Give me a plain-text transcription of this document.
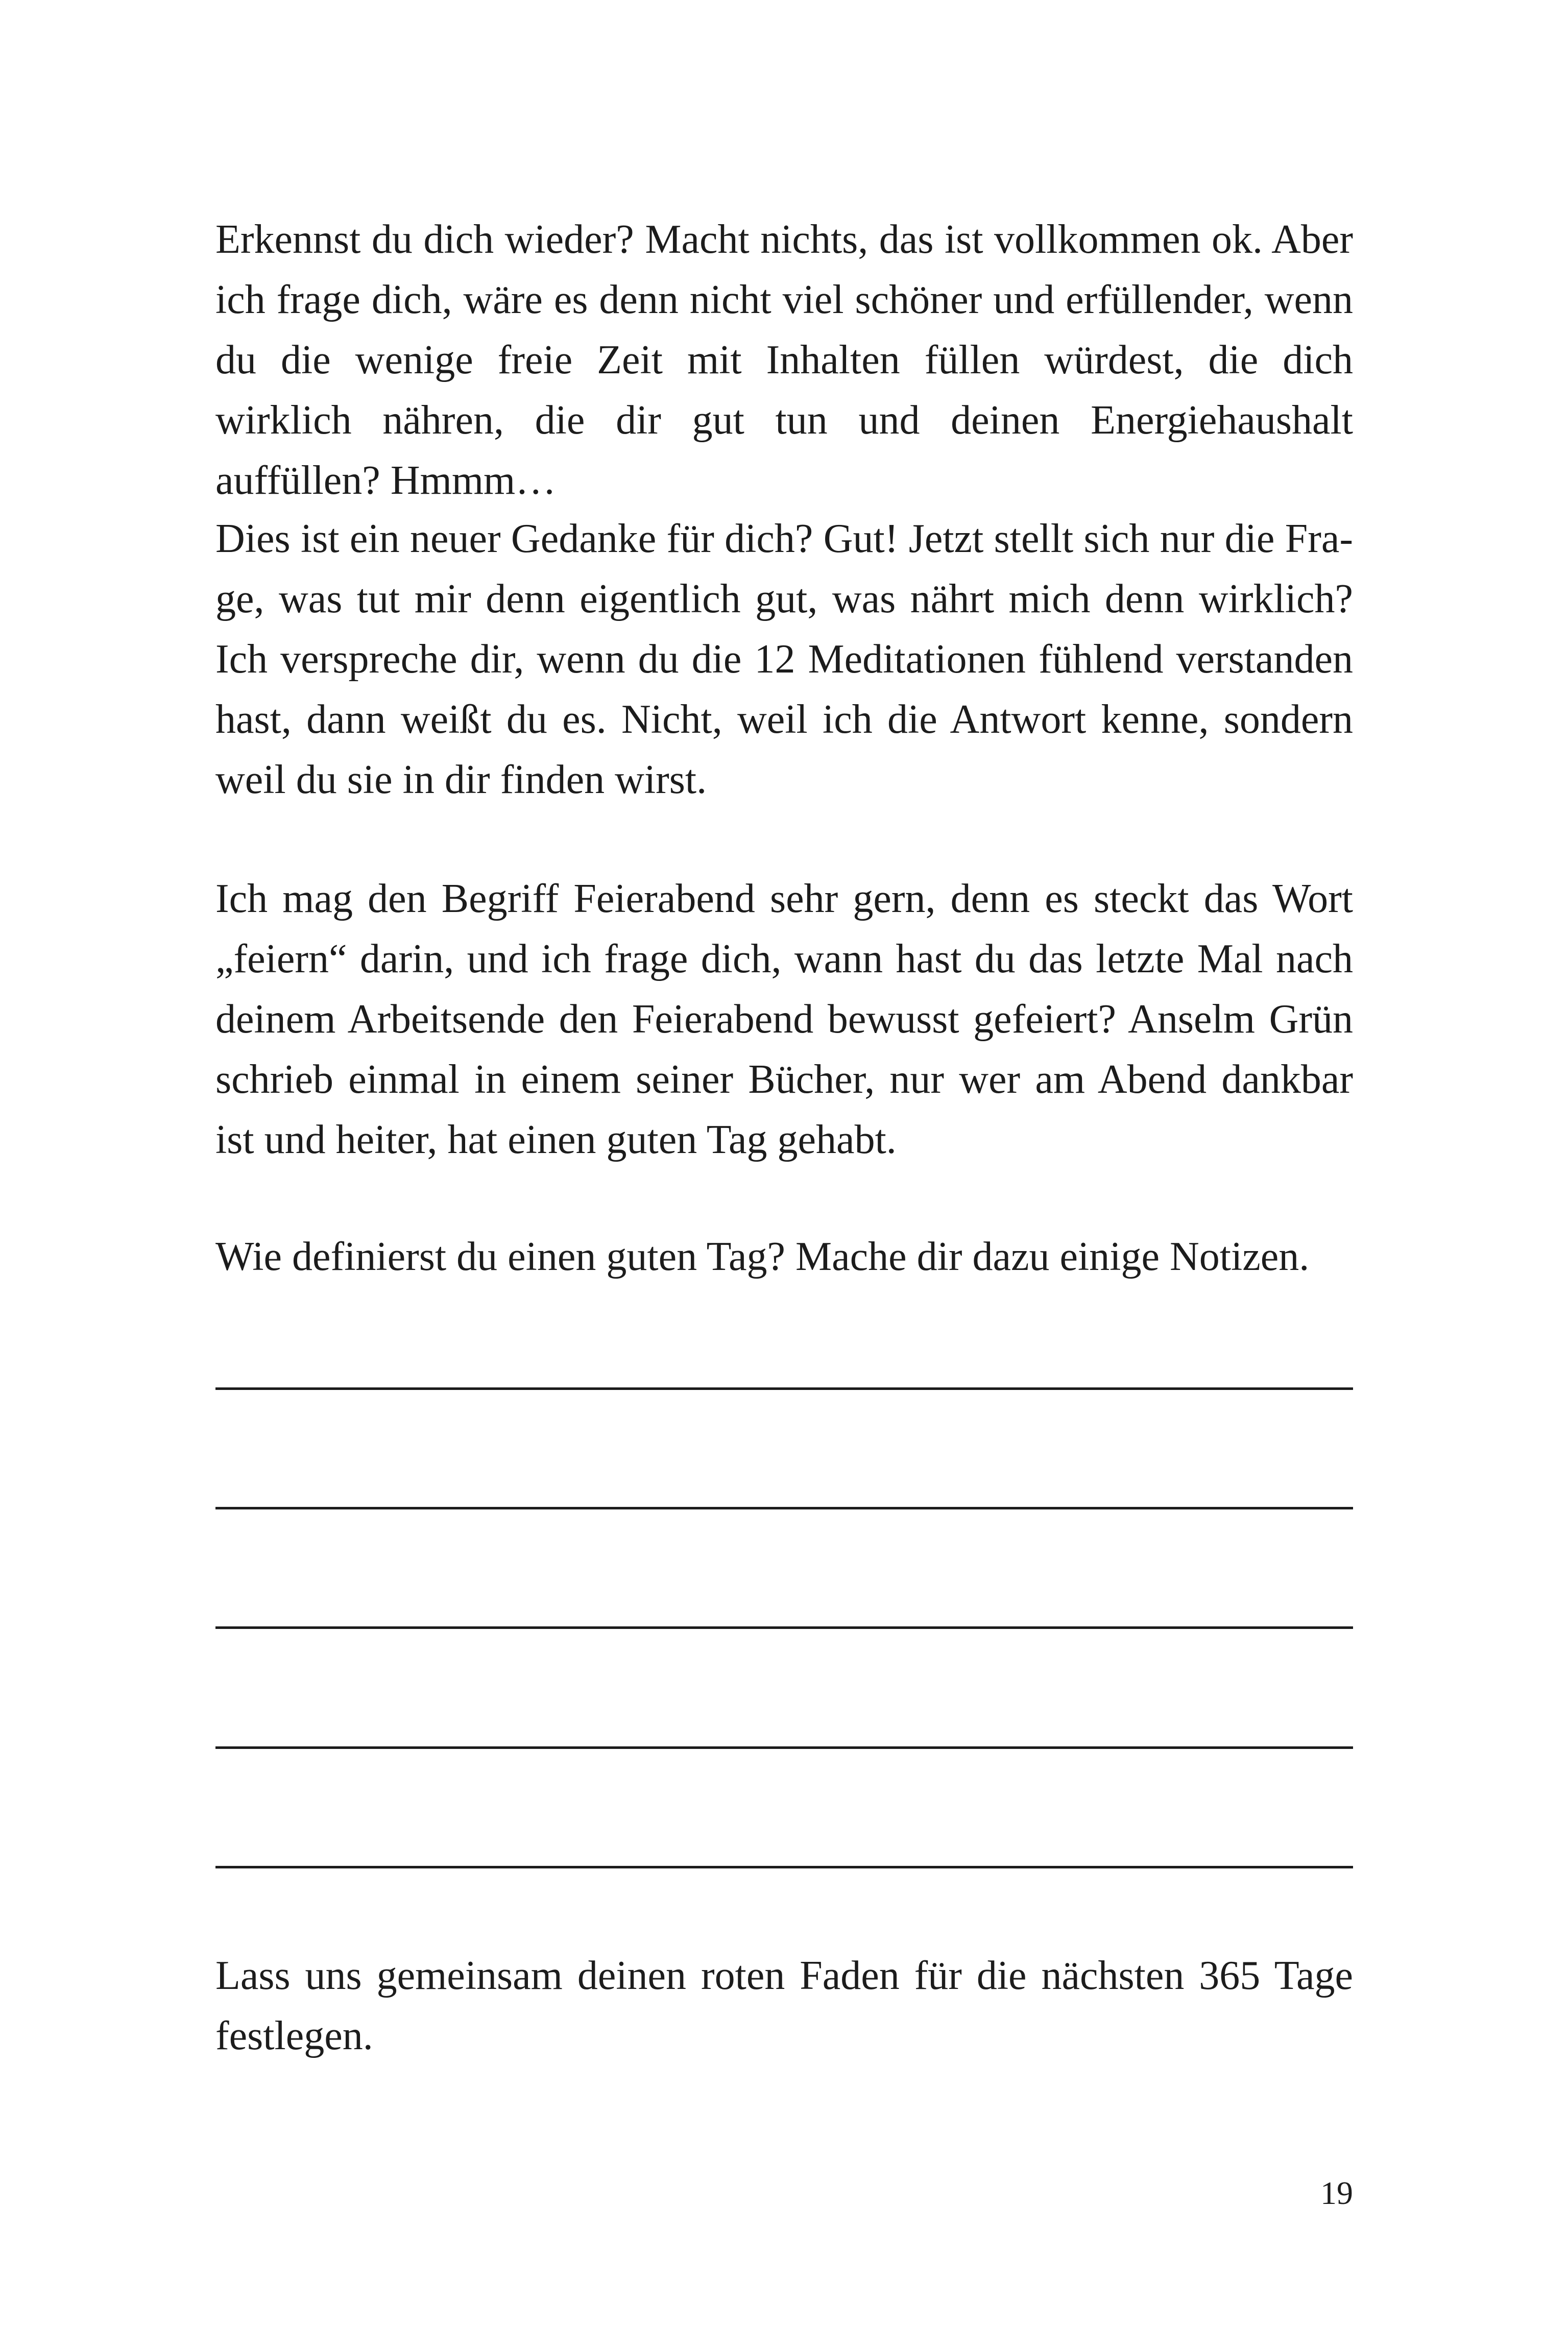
Erkennst du dich wieder? Macht nichts, das ist vollkommen ok. Aber ich frage dich, wäre es denn nicht viel schöner und erfüllender, wenn du die wenige freie Zeit mit Inhalten füllen würdest, die dich wirklich nähren, die dir gut tun und deinen Energiehaushalt auffüllen? Hmmm…

Dies ist ein neuer Gedanke für dich? Gut! Jetzt stellt sich nur die Frage, was tut mir denn eigentlich gut, was nährt mich denn wirklich? Ich verspreche dir, wenn du die 12 Meditationen fühlend verstanden hast, dann weißt du es. Nicht, weil ich die Antwort kenne, sondern weil du sie in dir finden wirst.

Ich mag den Begriff Feierabend sehr gern, denn es steckt das Wort „feiern“ darin, und ich frage dich, wann hast du das letzte Mal nach deinem Arbeitsende den Feierabend bewusst gefeiert? Anselm Grün schrieb einmal in einem seiner Bücher, nur wer am Abend dankbar ist und heiter, hat einen guten Tag gehabt.

Wie definierst du einen guten Tag? Mache dir dazu einige Notizen.

Lass uns gemeinsam deinen roten Faden für die nächsten 365 Tage festlegen.

19
